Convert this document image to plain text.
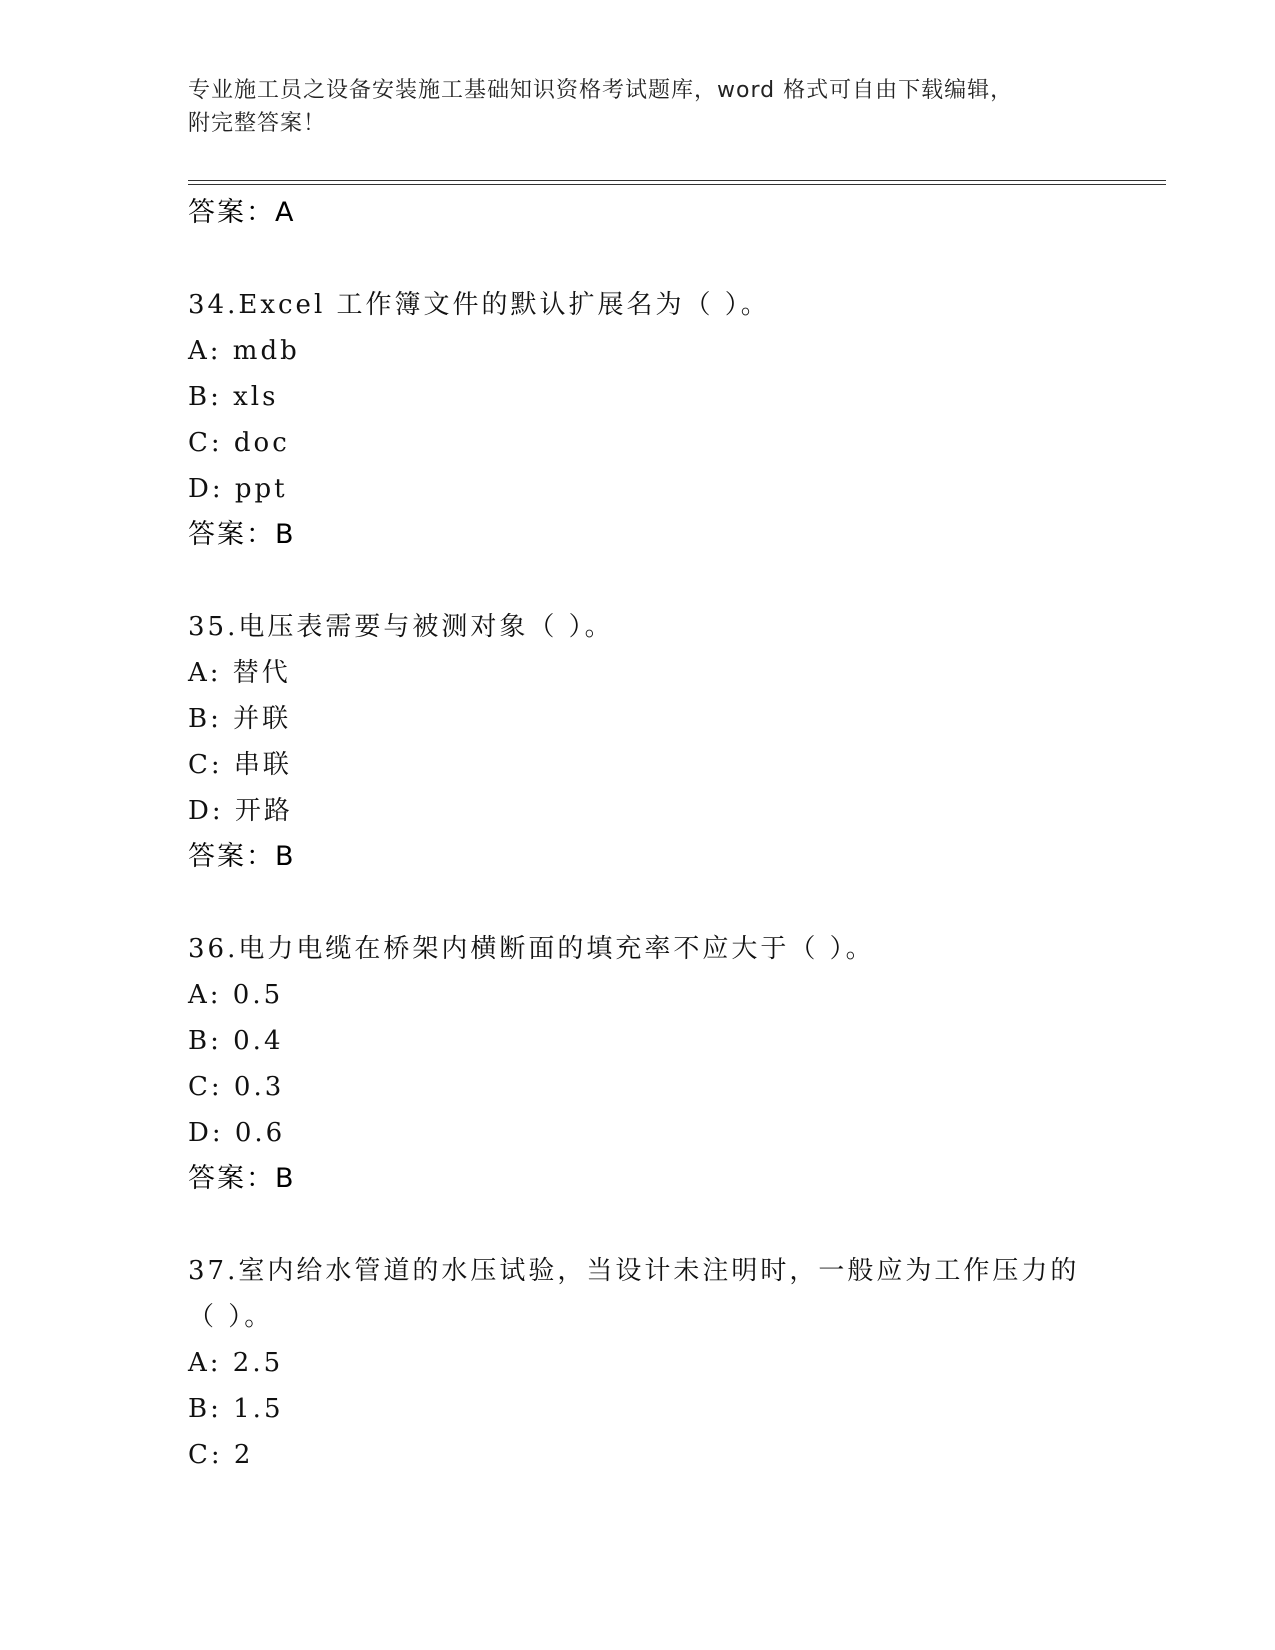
专业施工员之设备安装施工基础知识资格考试题库，word 格式可自由下载编辑，
附完整答案！
答案：A
34.Excel 工作簿文件的默认扩展名为（ ）。
A: mdb
B: xls
C: doc
D: ppt
答案：B
35.电压表需要与被测对象（ ）。
A: 替代
B: 并联
C: 串联
D: 开路
答案：B
36.电力电缆在桥架内横断面的填充率不应大于（ ）。
A: 0.5
B: 0.4
C: 0.3
D: 0.6
答案：B
37.室内给水管道的水压试验，当设计未注明时，一般应为工作压力的
（ ）。
A: 2.5
B: 1.5
C: 2
